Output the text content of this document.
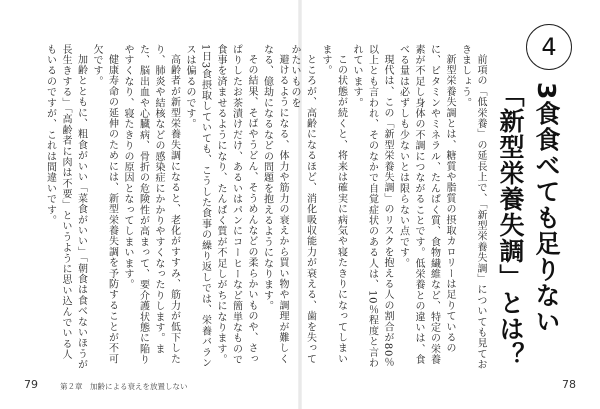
避けるようになる、体力や筋力の衰えから買い物や調理が難しくなる、億劫になるなどの問題を抱えるようになります。

その結果、そばやうどん、そうめんなどの柔らかいものや、さっぱりしたお茶漬けだけ、あるいはパンにコーヒーなど簡単なもので食事を済ませるようになり、たんぱく質が不足しがちになります。1日3食摂取していても、こうした食事の繰り返しでは、栄養バランスは偏るのです。

高齢者が新型栄養失調になると、老化がすすみ、筋力が低下したり、肺炎や結核などの感染症にかかりやすくなったりします。また、脳出血や心臓病、骨折の危険性が高まって、要介護状態に陥りやすくなり、寝たきりの原因となってしまいます。

健康寿命の延伸のためには、新型栄養失調を予防することが不可欠です。

加齢とともに、粗食がいい「菜食がいい」「朝食は食べないほうが長生きする」「高齢者に肉は不要」というように思い込んでいる人もいるのですが、これは間違いです。

79	第２章　加齢による衰えを放置しない
4
3食食べても足りない
「新型栄養失調」とは？

前項の「低栄養」の延長上で、「新型栄養失調」についても見ておきましょう。

新型栄養失調とは、糖質や脂質の摂取カロリーは足りているのに、ビタミンやミネラル、たんぱく質、食物繊維など、特定の栄養素が不足し身体の不調につながることです。低栄養との違いは、食べる量は必ずしも少ないとは限らない点です。

現代は、この「新型栄養失調」のリスクを抱える人の割合が80％以上とも言われ、そのなかで自覚症状のある人は、10％程度と言われています。

この状態が続くと、将来は確実に病気や寝たきりになってしまいます。

ところが、高齢になるほど、消化吸収能力が衰える、歯を失ってかたいものを

78
